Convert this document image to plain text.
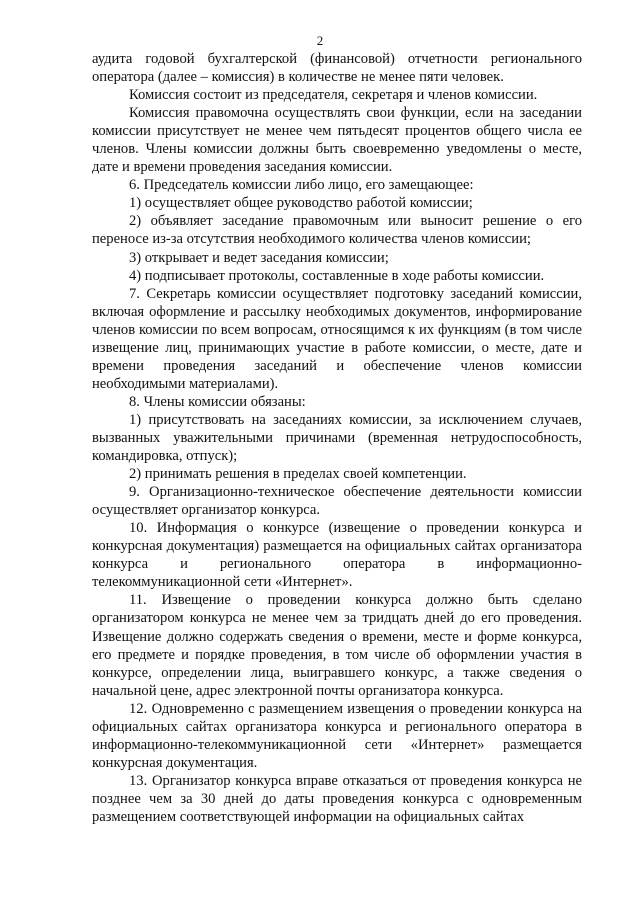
2

аудита годовой бухгалтерской (финансовой) отчетности регионального оператора (далее – комиссия) в количестве не менее пяти человек.

Комиссия состоит из председателя, секретаря и членов комиссии.

Комиссия правомочна осуществлять свои функции, если на заседании комиссии присутствует не менее чем пятьдесят процентов общего числа ее членов. Члены комиссии должны быть своевременно уведомлены о месте, дате и времени проведения заседания комиссии.

6. Председатель комиссии либо лицо, его замещающее:

1) осуществляет общее руководство работой комиссии;

2) объявляет заседание правомочным или выносит решение о его переносе из-за отсутствия необходимого количества членов комиссии;

3) открывает и ведет заседания комиссии;

4) подписывает протоколы, составленные в ходе работы комиссии.

7. Секретарь комиссии осуществляет подготовку заседаний комиссии, включая оформление и рассылку необходимых документов, информирование членов комиссии по всем вопросам, относящимся к их функциям (в том числе извещение лиц, принимающих участие в работе комиссии, о месте, дате и времени проведения заседаний и обеспечение членов комиссии необходимыми материалами).

8. Члены комиссии обязаны:

1) присутствовать на заседаниях комиссии, за исключением случаев, вызванных уважительными причинами (временная нетрудоспособность, командировка, отпуск);

2) принимать решения в пределах своей компетенции.

9. Организационно-техническое обеспечение деятельности комиссии осуществляет организатор конкурса.

10. Информация о конкурсе (извещение о проведении конкурса и конкурсная документация) размещается на официальных сайтах организатора конкурса и регионального оператора в информационно-телекоммуникационной сети «Интернет».

11. Извещение о проведении конкурса должно быть сделано организатором конкурса не менее чем за тридцать дней до его проведения. Извещение должно содержать сведения о времени, месте и форме конкурса, его предмете и порядке проведения, в том числе об оформлении участия в конкурсе, определении лица, выигравшего конкурс, а также сведения о начальной цене, адрес электронной почты организатора конкурса.

12. Одновременно с размещением извещения о проведении конкурса на официальных сайтах организатора конкурса и регионального оператора в информационно-телекоммуникационной сети «Интернет» размещается конкурсная документация.

13. Организатор конкурса вправе отказаться от проведения конкурса не позднее чем за 30 дней до даты проведения конкурса с одновременным размещением соответствующей информации на официальных сайтах
